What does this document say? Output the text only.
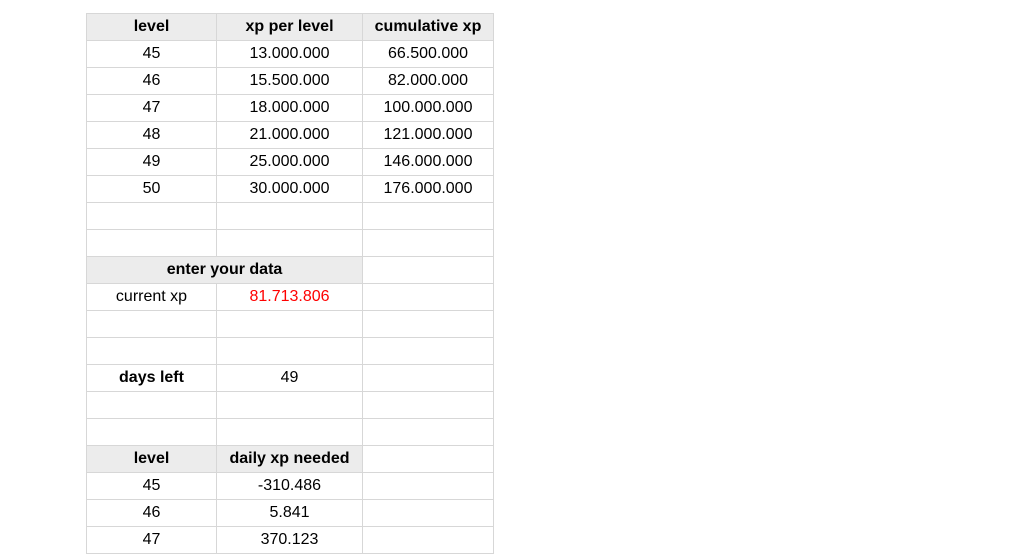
level	xp per level	cumulative xp
45	13.000.000	66.500.000
46	15.500.000	82.000.000
47	18.000.000	100.000.000
48	21.000.000	121.000.000
49	25.000.000	146.000.000
50	30.000.000	176.000.000

enter your data		
current xp	81.713.806	

days left	49	

level	daily xp needed	
45	-310.486	
46	5.841	
47	370.123	
